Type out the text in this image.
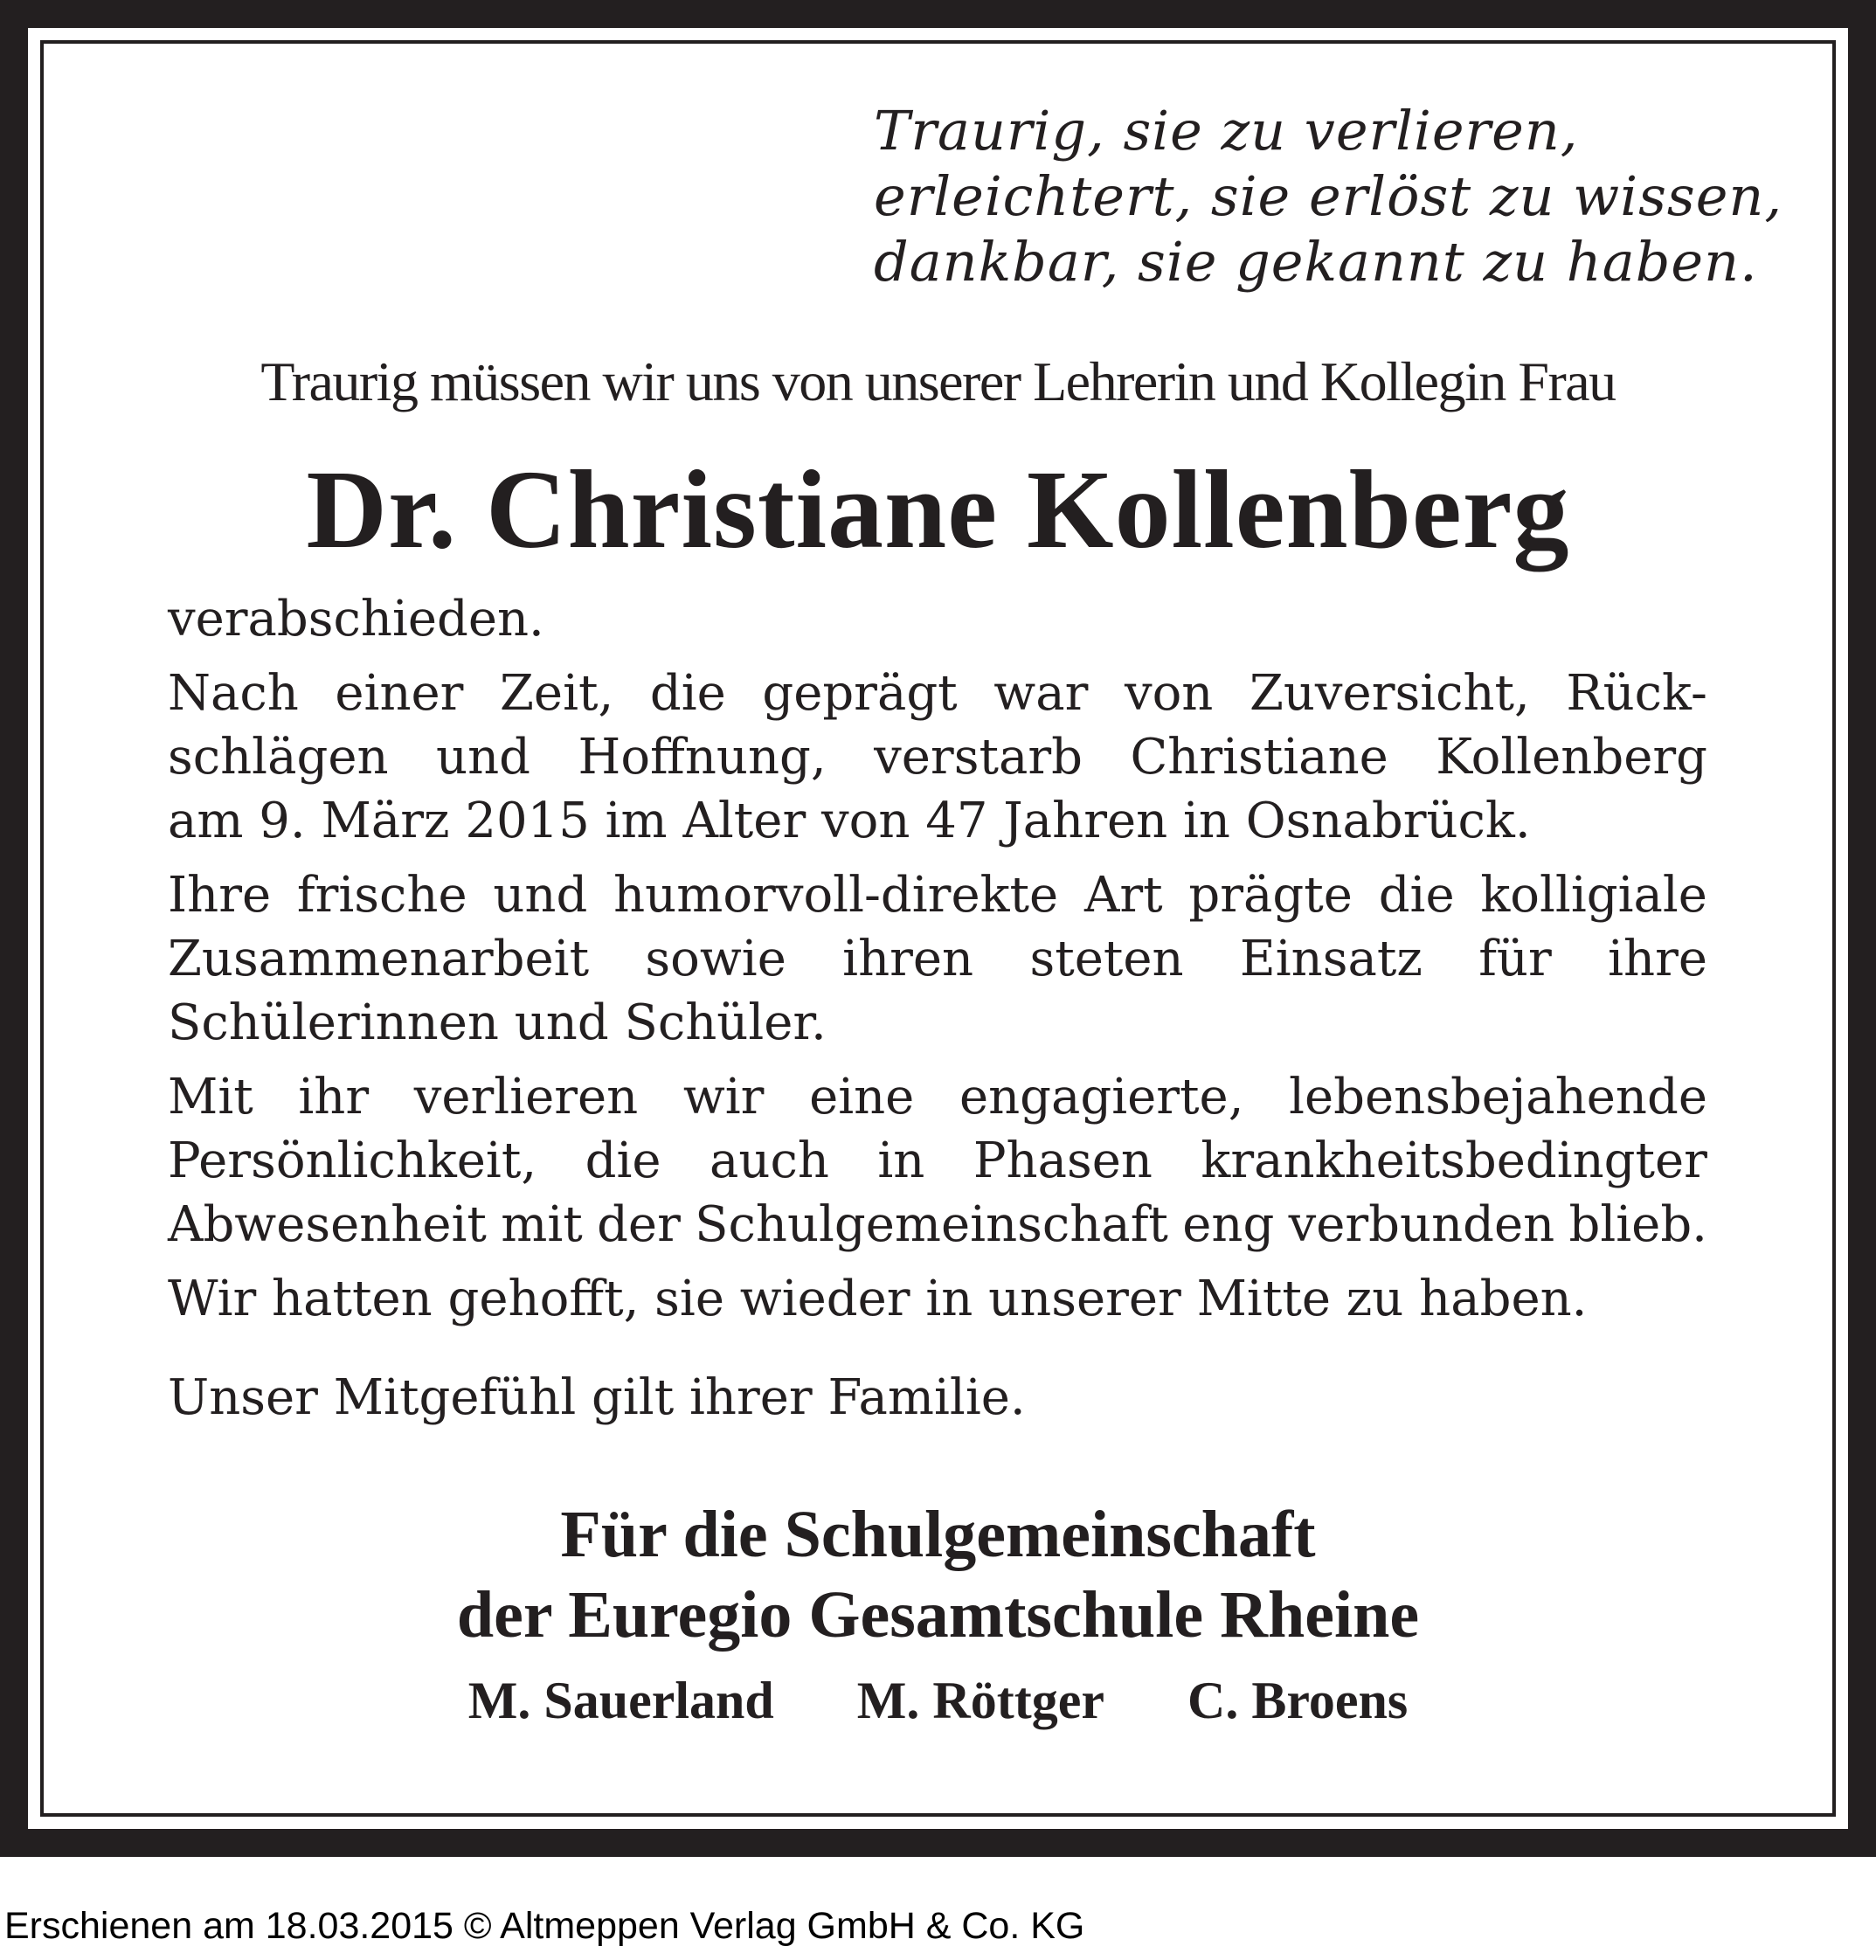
Traurig, sie zu verlieren,
erleichtert, sie erlöst zu wissen,
dankbar, sie gekannt zu haben.
Traurig müssen wir uns von unserer Lehrerin und Kollegin Frau
Dr. Christiane Kollenberg
verabschieden.
Nach einer Zeit, die geprägt war von Zuversicht, Rück-
schlägen und Hoffnung, verstarb Christiane Kollenberg
am 9. März 2015 im Alter von 47 Jahren in Osnabrück.
Ihre frische und humorvoll-direkte Art prägte die kolligiale
Zusammenarbeit sowie ihren steten Einsatz für ihre
Schülerinnen und Schüler.
Mit ihr verlieren wir eine engagierte, lebensbejahende
Persönlichkeit, die auch in Phasen krankheitsbedingter
Abwesenheit mit der Schulgemeinschaft eng verbunden blieb.
Wir hatten gehofft, sie wieder in unserer Mitte zu haben.
Unser Mitgefühl gilt ihrer Familie.
Für die Schulgemeinschaft
der Euregio Gesamtschule Rheine
M. Sauerland M. Röttger C. Broens
Erschienen am 18.03.2015 © Altmeppen Verlag GmbH & Co. KG
